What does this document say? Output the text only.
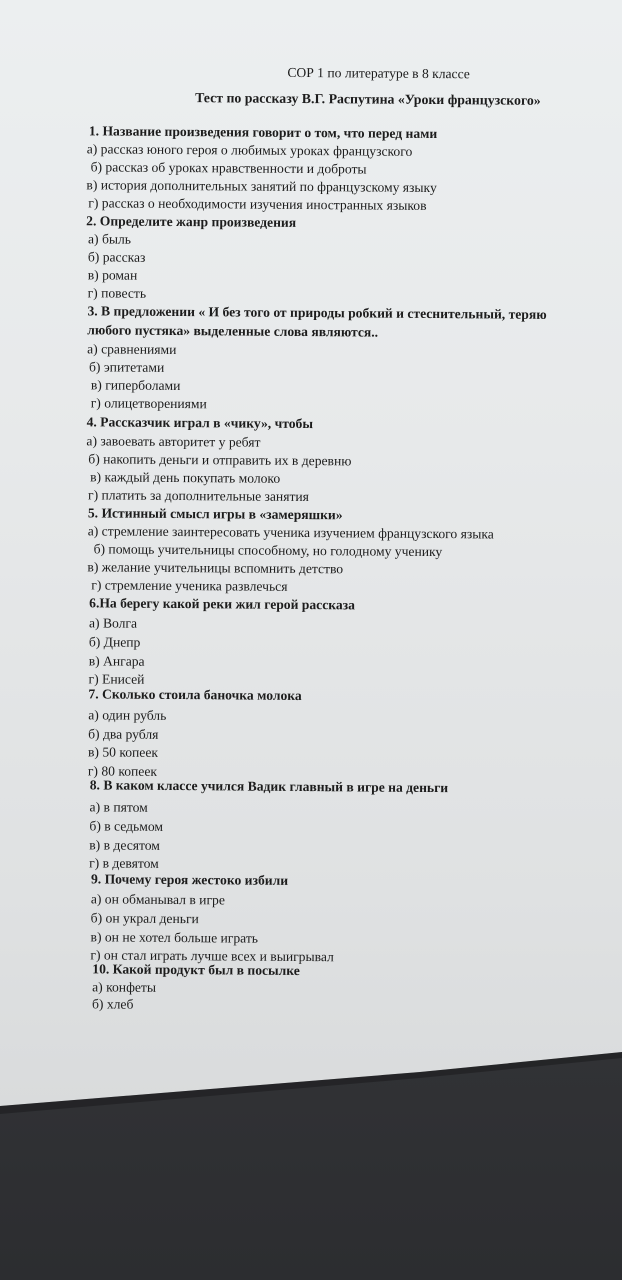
СОР 1 по литературе в 8 классе
Тест по рассказу В.Г. Распутина «Уроки французского»
1. Название произведения говорит о том, что перед нами
а) рассказ юного героя о любимых уроках французского
б) рассказ об уроках нравственности и доброты
в) история дополнительных занятий по французскому языку
г) рассказ о необходимости изучения иностранных языков
2. Определите жанр произведения
а) быль
б) рассказ
в) роман
г) повесть
3. В предложении « И без того от природы робкий и стеснительный, теряю
любого пустяка» выделенные слова являются..
а) сравнениями
б) эпитетами
в) гиперболами
г) олицетворениями
4. Рассказчик играл в «чику», чтобы
а) завоевать авторитет у ребят
б) накопить деньги и отправить их в деревню
в) каждый день покупать молоко
г) платить за дополнительные занятия
5. Истинный смысл игры в «замеряшки»
а) стремление заинтересовать ученика изучением французского языка
б) помощь учительницы способному, но голодному ученику
в) желание учительницы вспомнить детство
г) стремление ученика развлечься
6.На берегу какой реки жил герой рассказа
а) Волга
б) Днепр
в) Ангара
г) Енисей
7. Сколько стоила баночка молока
а) один рубль
б) два рубля
в) 50 копеек
г) 80 копеек
8. В каком классе учился Вадик главный в игре на деньги
а) в пятом
б) в седьмом
в) в десятом
г) в девятом
9. Почему героя жестоко избили
а) он обманывал в игре
б) он украл деньги
в) он не хотел больше играть
г) он стал играть лучше всех и выигрывал
10. Какой продукт был в посылке
а) конфеты
б) хлеб
